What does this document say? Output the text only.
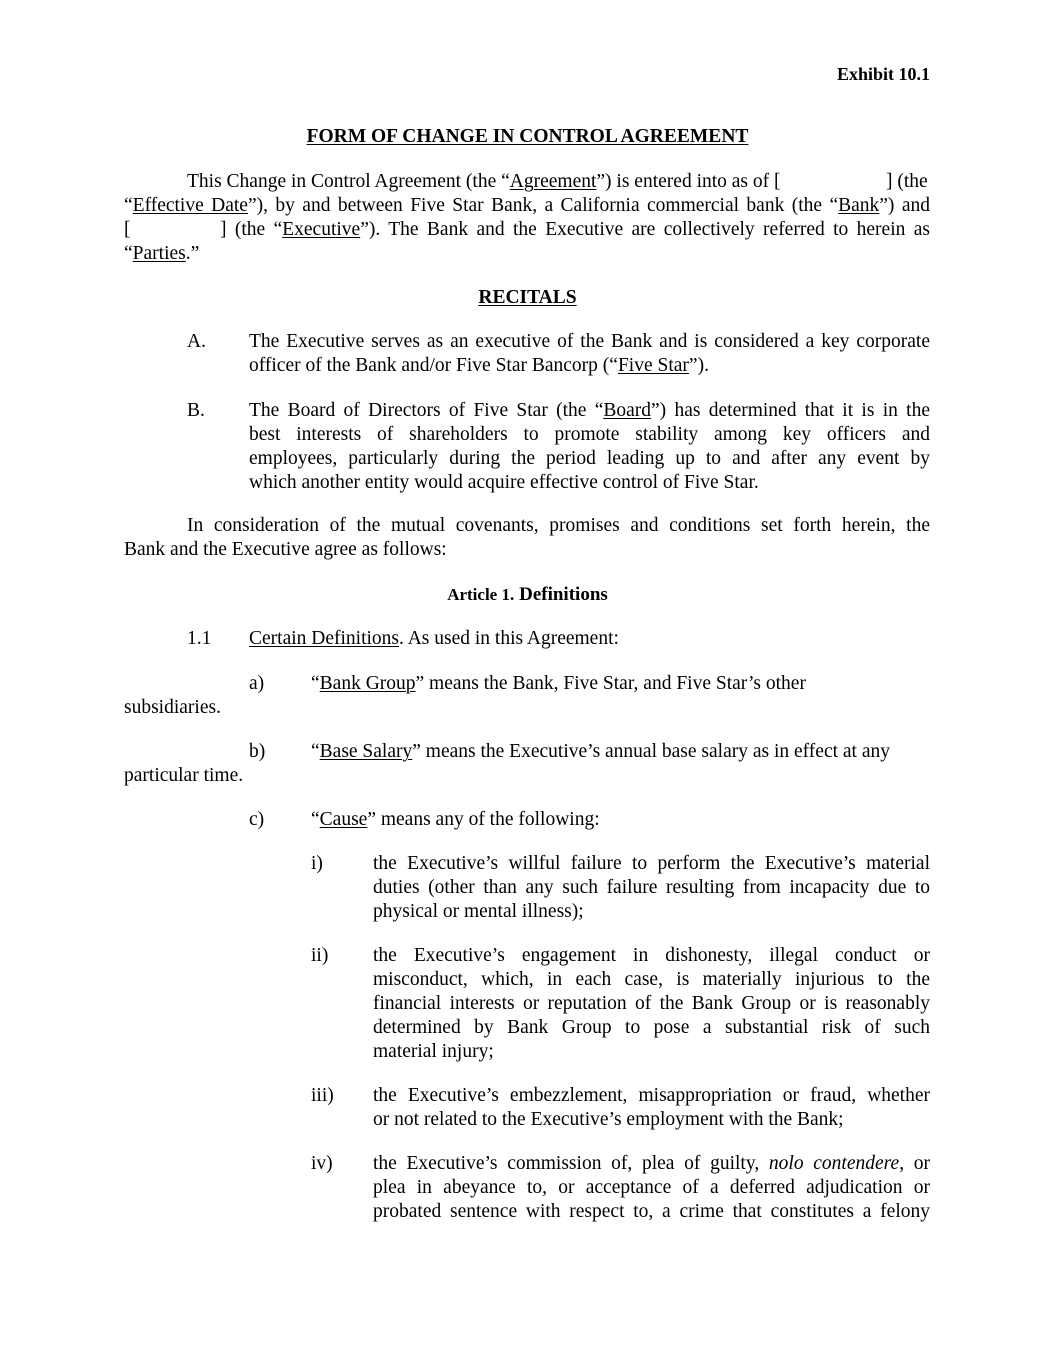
Exhibit 10.1
FORM OF CHANGE IN CONTROL AGREEMENT
This Change in Control Agreement (the “Agreement”) is entered into as of [	] (the
“Effective Date”), by and between Five Star Bank, a California commercial bank (the “Bank”) and
[	] (the “Executive”). The Bank and the Executive are collectively referred to herein as
“Parties.”
RECITALS
A. The Executive serves as an executive of the Bank and is considered a key corporate
officer of the Bank and/or Five Star Bancorp (“Five Star”).
B. The Board of Directors of Five Star (the “Board”) has determined that it is in the
best interests of shareholders to promote stability among key officers and
employees, particularly during the period leading up to and after any event by
which another entity would acquire effective control of Five Star.
In consideration of the mutual covenants, promises and conditions set forth herein, the
Bank and the Executive agree as follows:
Article 1. Definitions
1.1 Certain Definitions. As used in this Agreement:
a) “Bank Group” means the Bank, Five Star, and Five Star’s other
subsidiaries.
b) “Base Salary” means the Executive’s annual base salary as in effect at any
particular time.
c) “Cause” means any of the following:
i)	the Executive’s willful failure to perform the Executive’s material
duties (other than any such failure resulting from incapacity due to
physical or mental illness);
ii) the Executive’s engagement in dishonesty, illegal conduct or
misconduct, which, in each case, is materially injurious to the
financial interests or reputation of the Bank Group or is reasonably
determined by Bank Group to pose a substantial risk of such
material injury;
iii) the Executive’s embezzlement, misappropriation or fraud, whether
or not related to the Executive’s employment with the Bank;
iv) the Executive’s commission of, plea of guilty, nolo contendere, or
plea in abeyance to, or acceptance of a deferred adjudication or
probated sentence with respect to, a crime that constitutes a felony
